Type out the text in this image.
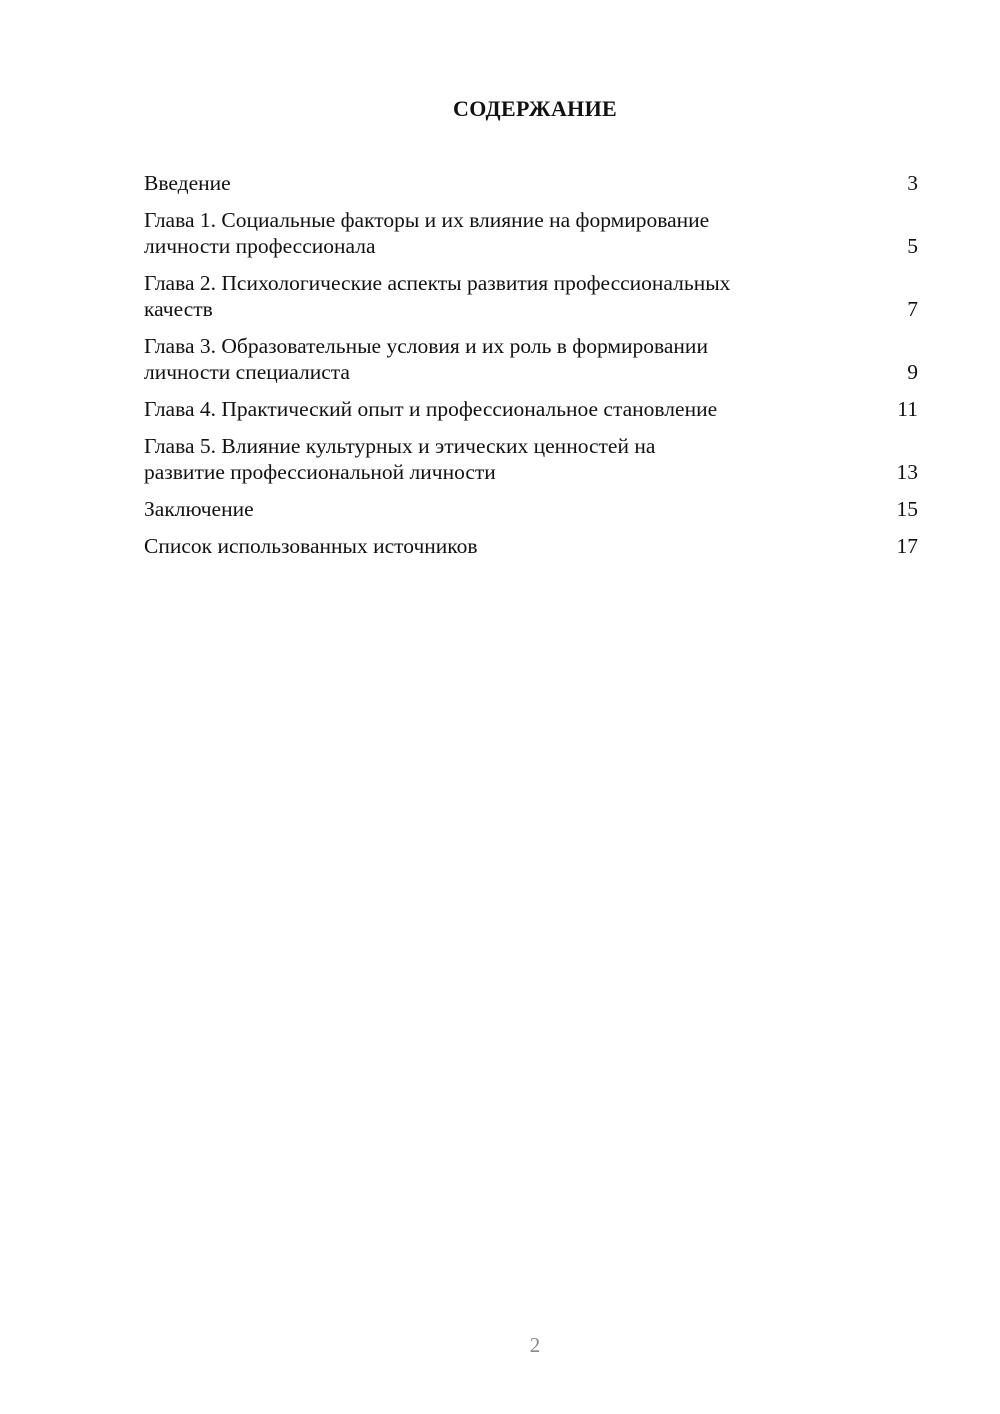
СОДЕРЖАНИЕ
Введение	3
Глава 1. Социальные факторы и их влияние на формирование
личности профессионала	5
Глава 2. Психологические аспекты развития профессиональных
качеств	7
Глава 3. Образовательные условия и их роль в формировании
личности специалиста	9
Глава 4. Практический опыт и профессиональное становление	11
Глава 5. Влияние культурных и этических ценностей на
развитие профессиональной личности	13
Заключение	15
Список использованных источников	17
2
